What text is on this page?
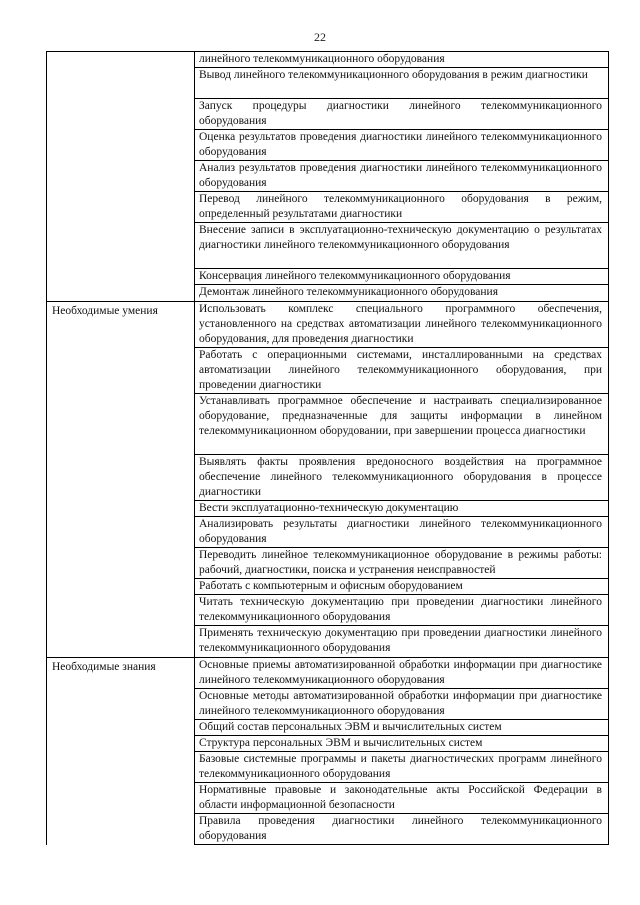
22
линейного телекоммуникационного оборудования
Вывод линейного телекоммуникационного оборудования в режим диагностики
Запуск процедуры диагностики линейного телекоммуникационного оборудования
Оценка результатов проведения диагностики линейного телекоммуникационного оборудования
Анализ результатов проведения диагностики линейного телекоммуникационного оборудования
Перевод линейного телекоммуникационного оборудования в режим, определенный результатами диагностики
Внесение записи в эксплуатационно-техническую документацию о результатах диагностики линейного телекоммуникационного оборудования
Консервация линейного телекоммуникационного оборудования
Демонтаж линейного телекоммуникационного оборудования
Необходимые умения	Использовать комплекс специального программного обеспечения, установленного на средствах автоматизации линейного телекоммуникационного оборудования, для проведения диагностики
Работать с операционными системами, инсталлированными на средствах автоматизации линейного телекоммуникационного оборудования, при проведении диагностики
Устанавливать программное обеспечение и настраивать специализированное оборудование, предназначенные для защиты информации в линейном телекоммуникационном оборудовании, при завершении процесса диагностики
Выявлять факты проявления вредоносного воздействия на программное обеспечение линейного телекоммуникационного оборудования в процессе диагностики
Вести эксплуатационно-техническую документацию
Анализировать результаты диагностики линейного телекоммуникационного оборудования
Переводить линейное телекоммуникационное оборудование в режимы работы: рабочий, диагностики, поиска и устранения неисправностей
Работать с компьютерным и офисным оборудованием
Читать техническую документацию при проведении диагностики линейного телекоммуникационного оборудования
Применять техническую документацию при проведении диагностики линейного телекоммуникационного оборудования
Необходимые знания	Основные приемы автоматизированной обработки информации при диагностике линейного телекоммуникационного оборудования
Основные методы автоматизированной обработки информации при диагностике линейного телекоммуникационного оборудования
Общий состав персональных ЭВМ и вычислительных систем
Структура персональных ЭВМ и вычислительных систем
Базовые системные программы и пакеты диагностических программ линейного телекоммуникационного оборудования
Нормативные правовые и законодательные акты Российской Федерации в области информационной безопасности
Правила проведения диагностики линейного телекоммуникационного оборудования
